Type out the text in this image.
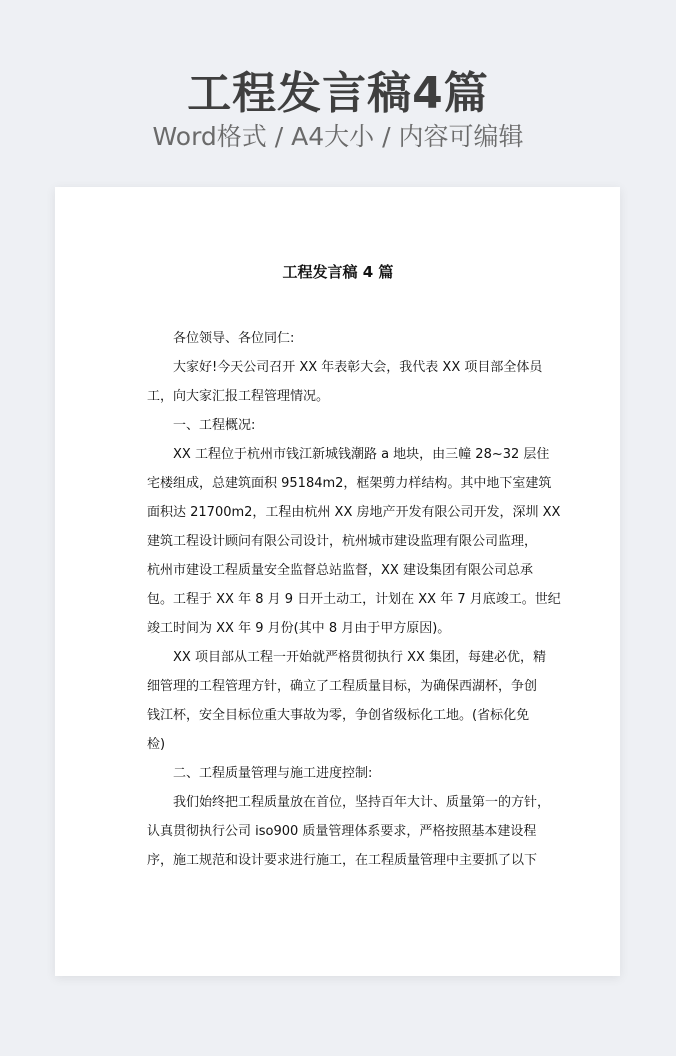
工程发言稿4篇
Word格式 / A4大小 / 内容可编辑
工程发言稿 4 篇
各位领导、各位同仁:
大家好!今天公司召开 XX 年表彰大会，我代表 XX 项目部全体员
工，向大家汇报工程管理情况。
一、工程概况:
XX 工程位于杭州市钱江新城钱潮路 a 地块，由三幢 28~32 层住
宅楼组成，总建筑面积 95184m2，框架剪力样结构。其中地下室建筑
面积达 21700m2，工程由杭州 XX 房地产开发有限公司开发，深圳 XX
建筑工程设计顾问有限公司设计，杭州城市建设监理有限公司监理，
杭州市建设工程质量安全监督总站监督，XX 建设集团有限公司总承
包。工程于 XX 年 8 月 9 日开土动工，计划在 XX 年 7 月底竣工。世纪
竣工时间为 XX 年 9 月份(其中 8 月由于甲方原因)。
XX 项目部从工程一开始就严格贯彻执行 XX 集团，每建必优，精
细管理的工程管理方针，确立了工程质量目标，为确保西湖杯，争创
钱江杯，安全目标位重大事故为零，争创省级标化工地。(省标化免
检)
二、工程质量管理与施工进度控制:
我们始终把工程质量放在首位，坚持百年大计、质量第一的方针，
认真贯彻执行公司 iso900 质量管理体系要求，严格按照基本建设程
序，施工规范和设计要求进行施工，在工程质量管理中主要抓了以下
